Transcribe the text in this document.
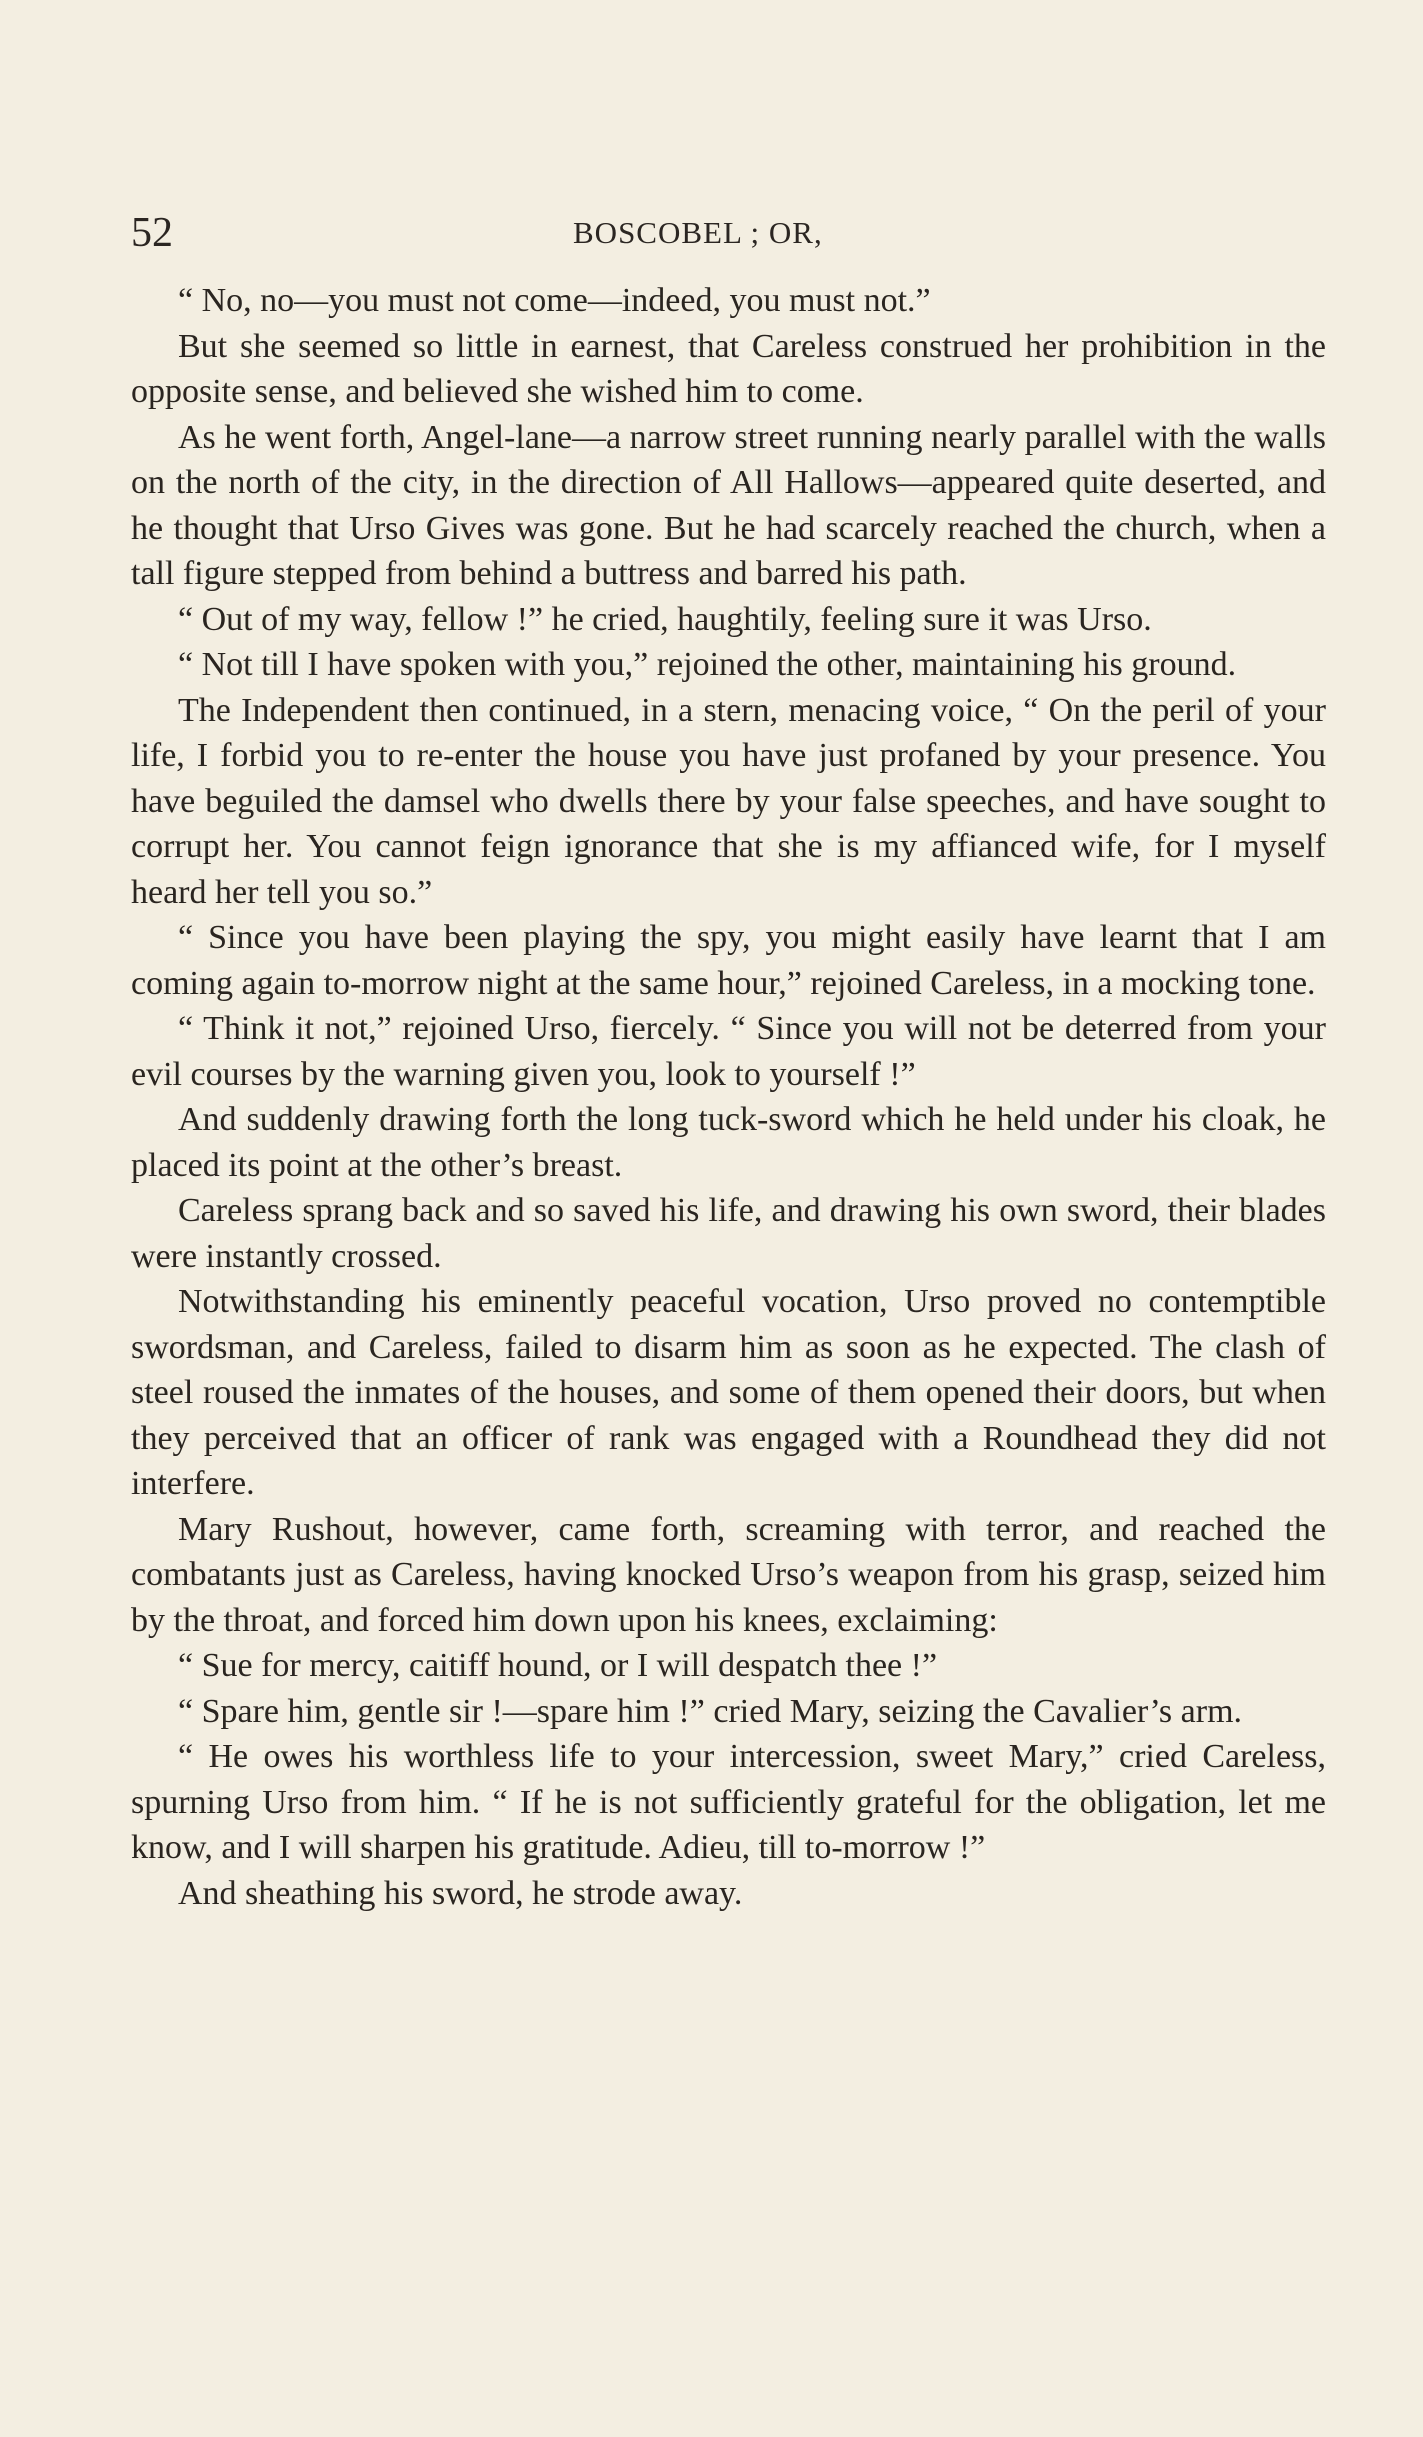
52	BOSCOBEL ; OR,

“ No, no—you must not come—indeed, you must not.”

But she seemed so little in earnest, that Careless construed her prohibition in the opposite sense, and believed she wished him to come.

As he went forth, Angel-lane—a narrow street running nearly parallel with the walls on the north of the city, in the direction of All Hallows—appeared quite deserted, and he thought that Urso Gives was gone. But he had scarcely reached the church, when a tall figure stepped from behind a buttress and barred his path.

“ Out of my way, fellow !” he cried, haughtily, feeling sure it was Urso.

“ Not till I have spoken with you,” rejoined the other, maintaining his ground.

The Independent then continued, in a stern, menacing voice, “ On the peril of your life, I forbid you to re-enter the house you have just profaned by your presence. You have beguiled the damsel who dwells there by your false speeches, and have sought to corrupt her. You cannot feign ignorance that she is my affianced wife, for I myself heard her tell you so.”

“ Since you have been playing the spy, you might easily have learnt that I am coming again to-morrow night at the same hour,” rejoined Careless, in a mocking tone.

“ Think it not,” rejoined Urso, fiercely. “ Since you will not be deterred from your evil courses by the warning given you, look to yourself !”

And suddenly drawing forth the long tuck-sword which he held under his cloak, he placed its point at the other’s breast.

Careless sprang back and so saved his life, and drawing his own sword, their blades were instantly crossed.

Notwithstanding his eminently peaceful vocation, Urso proved no contemptible swordsman, and Careless, failed to disarm him as soon as he expected. The clash of steel roused the inmates of the houses, and some of them opened their doors, but when they perceived that an officer of rank was engaged with a Roundhead they did not interfere.

Mary Rushout, however, came forth, screaming with terror, and reached the combatants just as Careless, having knocked Urso’s weapon from his grasp, seized him by the throat, and forced him down upon his knees, exclaiming:

“ Sue for mercy, caitiff hound, or I will despatch thee !”

“ Spare him, gentle sir !—spare him !” cried Mary, seizing the Cavalier’s arm.

“ He owes his worthless life to your intercession, sweet Mary,” cried Careless, spurning Urso from him. “ If he is not sufficiently grateful for the obligation, let me know, and I will sharpen his gratitude. Adieu, till to-morrow !”

And sheathing his sword, he strode away.
